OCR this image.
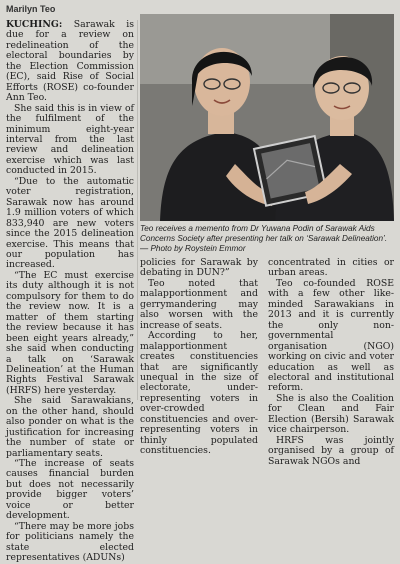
Marilyn Teo

KUCHING: Sarawak is due for a review on redelineation of the electoral boundaries by the Election Commission (EC), said Rise of Social Efforts (ROSE) co-founder Ann Teo.

She said this is in view of the fulfilment of the minimum eight-year interval from the last review and delineation exercise which was last conducted in 2015.

“Due to the automatic voter registration, Sarawak now has around 1.9 million voters of which 833,940 are new voters since the 2015 delineation exercise. This means that our population has increased.

“The EC must exercise its duty although it is not compulsory for them to do the review now. It is a matter of them starting the review because it has been eight years already,” she said when conducting a talk on ‘Sarawak Delineation’ at the Human Rights Festival Sarawak (HRFS) here yesterday.

She said Sarawakians, on the other hand, should also ponder on what is the justification for increasing the number of state or parliamentary seats.

“The increase of seats causes financial burden but does not necessarily provide bigger voters’ voice or better development.

“There may be more jobs for politicians namely the state elected representatives (ADUNs)

Teo receives a memento from Dr Yuwana Podin of Sarawak Aids Concerns Society after presenting her talk on ‘Sarawak Delineation’. — Photo by Roystein Emmor

policies for Sarawak by debating in DUN?”

Teo noted that malapportionment and gerrymandering may also worsen with the increase of seats.

According to her, malapportionment creates constituencies that are significantly unequal in the size of electorate, under-representing voters in over-crowded constituencies and over-representing voters in thinly populated constituencies.

concentrated in cities or urban areas.

Teo co-founded ROSE with a few other like-minded Sarawakians in 2013 and it is currently the only non-governmental organisation (NGO) working on civic and voter education as well as electoral and institutional reform.

She is also the Coalition for Clean and Fair Election (Bersih) Sarawak vice chairperson.

HRFS was jointly organised by a group of Sarawak NGOs and
